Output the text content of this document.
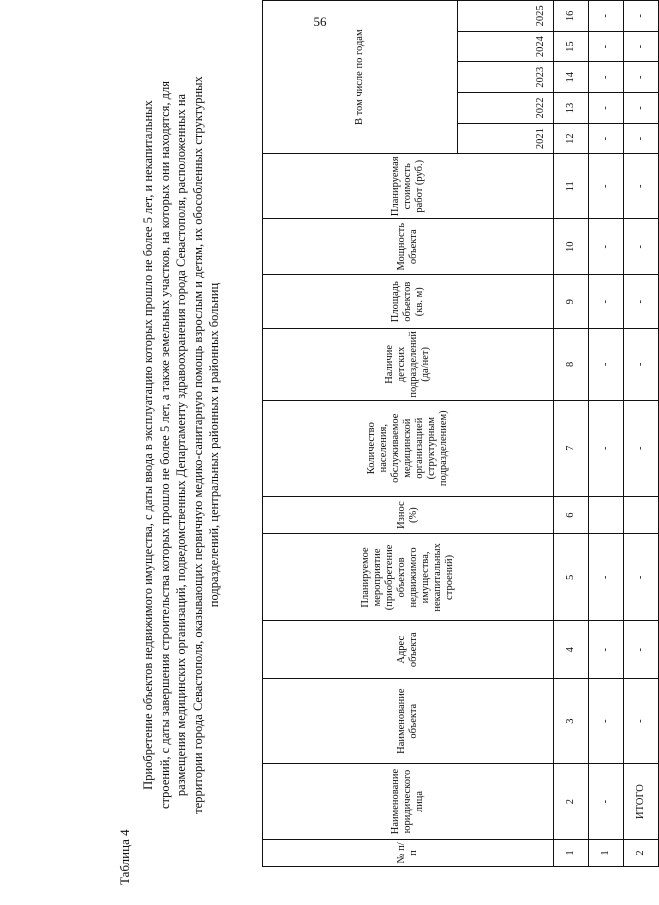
56
Таблица 4
Приобретение объектов недвижимого имущества, с даты ввода в эксплуатацию которых прошло не более 5 лет, и некапитальных строений, с даты завершения строительства которых прошло не более 5 лет, а также земельных участков, на которых они находятся, для размещения медицинских организаций, подведомственных Департаменту здравоохранения города Севастополя, расположенных на территории города Севастополя, оказывающих первичную медико-санитарную помощь взрослым и детям, их обособленных структурных подразделений, центральных районных и районных больниц
№ п/п	Наименование юридического лица	Наименование объекта	Адрес объекта	Планируемое мероприятие (приобретение объектов недвижимого имущества, некапитальных строений)	Износ (%)	Количество населения, обслуживаемое медицинской организацией (структурным подразделением)	Наличие детских подразделений (да/нет)	Площадь объектов (кв. м)	Мощность объекта	Планируемая стоимость работ (руб.)	В том числе по годам				
											2021	2022	2023	2024	2025
1	2	3	4	5	6	7	8	9	10	11	12	13	14	15	16
1	-	-	-	-		-	-	-	-	-	-	-	-	-	-
2	ИТОГО	-	-	-		-	-	-	-	-	-	-	-	-	-
